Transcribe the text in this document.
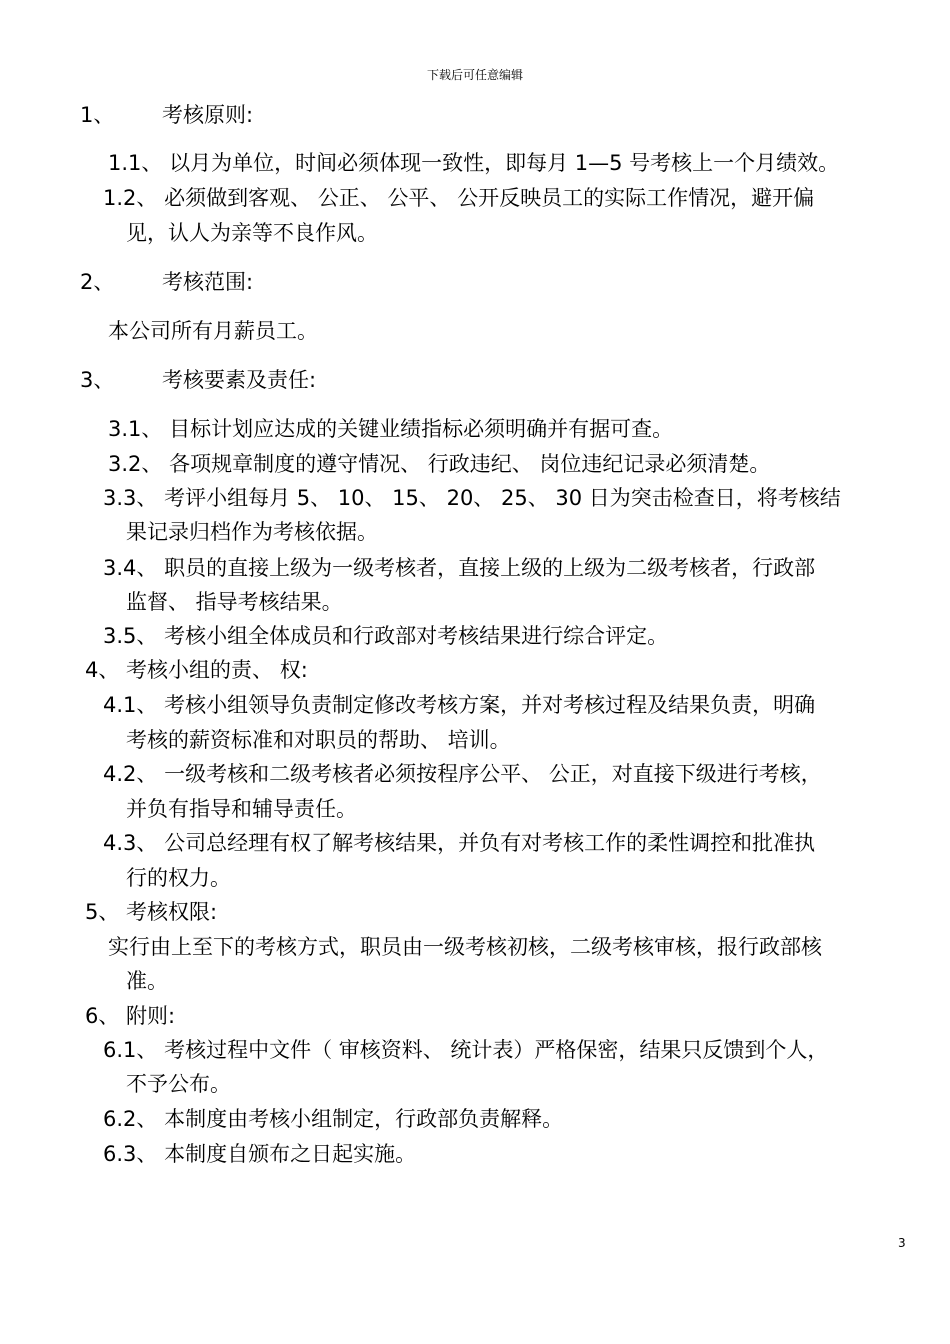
下载后可任意编辑
1、 考核原则:
1.1、 以月为单位，时间必须体现一致性，即每月 1—5 号考核上一个月绩效。
1.2、 必须做到客观、 公正、 公平、 公开反映员工的实际工作情况，避开偏
见，认人为亲等不良作风。
2、 考核范围:
本公司所有月薪员工。
3、 考核要素及责任:
3.1、 目标计划应达成的关键业绩指标必须明确并有据可查。
3.2、 各项规章制度的遵守情况、 行政违纪、 岗位违纪记录必须清楚。
3.3、 考评小组每月 5、 10、 15、 20、 25、 30 日为突击检查日，将考核结
果记录归档作为考核依据。
3.4、 职员的直接上级为一级考核者，直接上级的上级为二级考核者，行政部
监督、 指导考核结果。
3.5、 考核小组全体成员和行政部对考核结果进行综合评定。
4、 考核小组的责、 权:
4.1、 考核小组领导负责制定修改考核方案，并对考核过程及结果负责，明确
考核的薪资标准和对职员的帮助、 培训。
4.2、 一级考核和二级考核者必须按程序公平、 公正，对直接下级进行考核，
并负有指导和辅导责任。
4.3、 公司总经理有权了解考核结果，并负有对考核工作的柔性调控和批准执
行的权力。
5、 考核权限:
实行由上至下的考核方式，职员由一级考核初核，二级考核审核，报行政部核
准。
6、 附则:
6.1、 考核过程中文件（ 审核资料、 统计表）严格保密，结果只反馈到个人，
不予公布。
6.2、 本制度由考核小组制定，行政部负责解释。
6.3、 本制度自颁布之日起实施。
3
